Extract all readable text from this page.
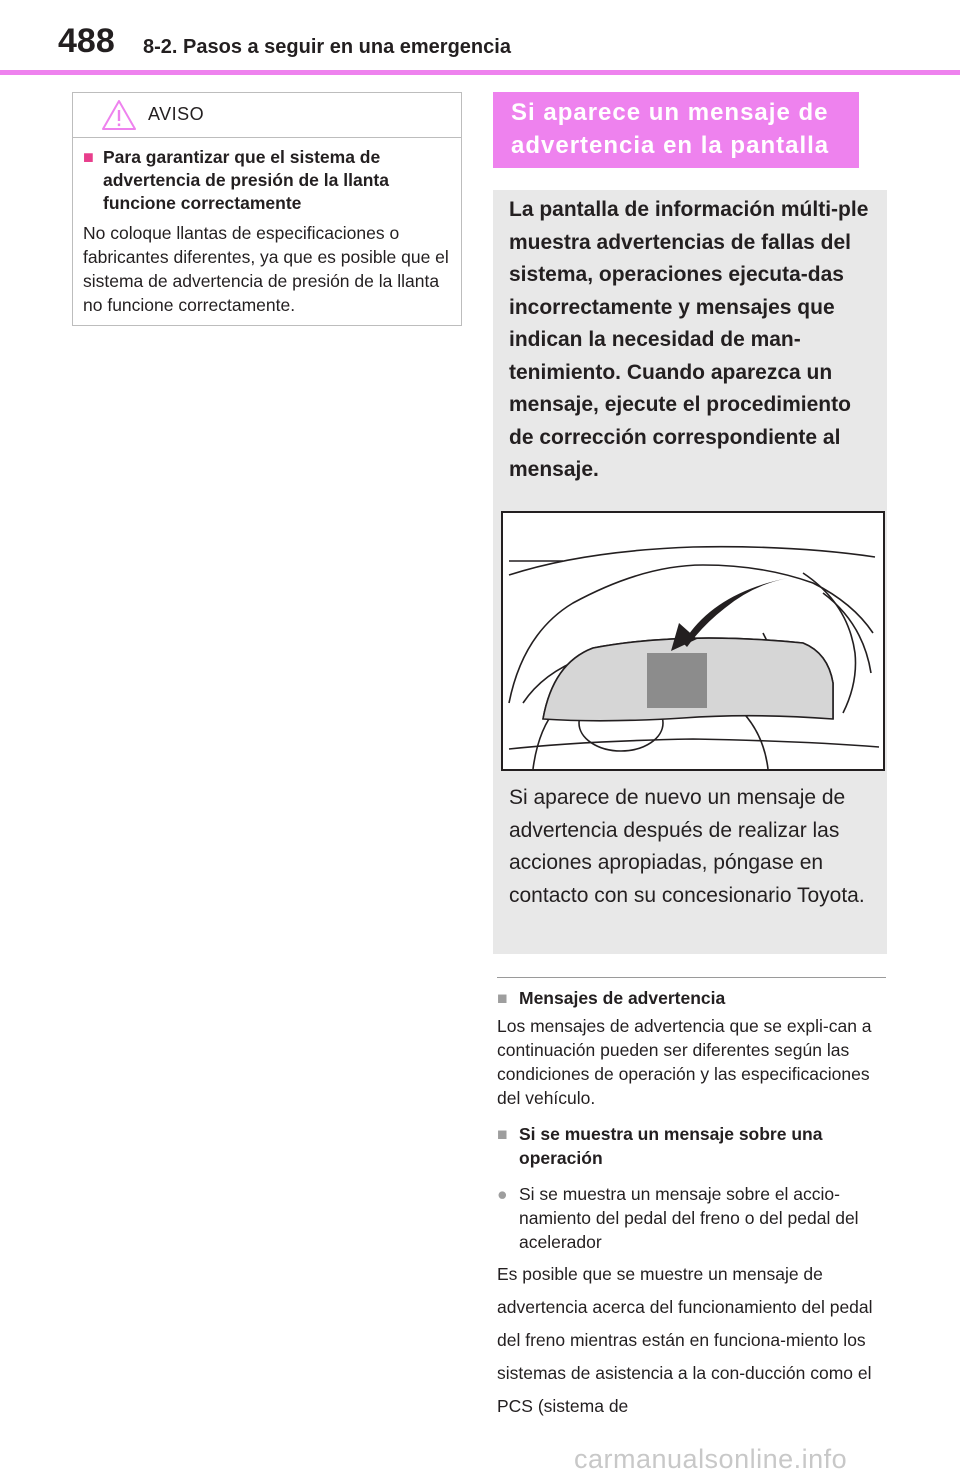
488 8-2. Pasos a seguir en una emergencia
AVISO
■ Para garantizar que el sistema de advertencia de presión de la llanta funcione correctamente
No coloque llantas de especificaciones o fabricantes diferentes, ya que es posible que el sistema de advertencia de presión de la llanta no funcione correctamente.
Si aparece un mensaje de
advertencia en la pantalla
La pantalla de información múlti-ple muestra advertencias de fallas del sistema, operaciones ejecuta-das incorrectamente y mensajes que indican la necesidad de man-tenimiento. Cuando aparezca un mensaje, ejecute el procedimiento de corrección correspondiente al mensaje.
Si aparece de nuevo un mensaje de advertencia después de realizar las acciones apropiadas, póngase en contacto con su concesionario Toyota.
■ Mensajes de advertencia
Los mensajes de advertencia que se expli-can a continuación pueden ser diferentes según las condiciones de operación y las especificaciones del vehículo.
■ Si se muestra un mensaje sobre una operación
● Si se muestra un mensaje sobre el accio-namiento del pedal del freno o del pedal del acelerador
Es posible que se muestre un mensaje de advertencia acerca del funcionamiento del pedal del freno mientras están en funciona-miento los sistemas de asistencia a la con-ducción como el PCS (sistema de
carmanualsonline.info
